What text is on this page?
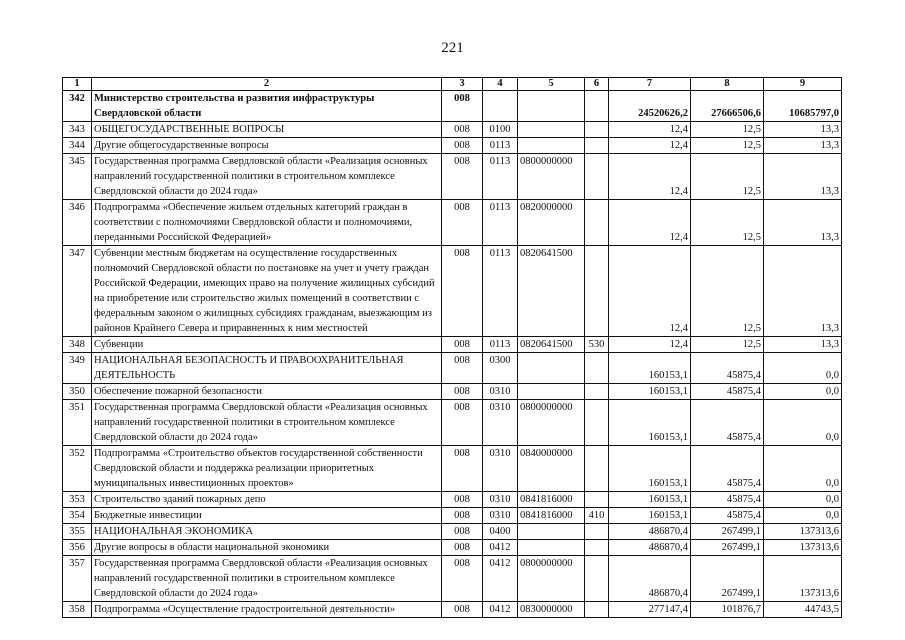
221
1	2	3	4	5	6	7	8	9
342	Министерство строительства и развития инфраструктуры Свердловской области	008				24520626,2	27666506,6	10685797,0
343	ОБЩЕГОСУДАРСТВЕННЫЕ ВОПРОСЫ	008	0100			12,4	12,5	13,3
344	Другие общегосударственные вопросы	008	0113			12,4	12,5	13,3
345	Государственная программа Свердловской области «Реализация основных направлений государственной политики в строительном комплексе Свердловской области до 2024 года»	008	0113	0800000000		12,4	12,5	13,3
346	Подпрограмма «Обеспечение жильем отдельных категорий граждан в соответствии с полномочиями Свердловской области и полномочиями, переданными Российской Федерацией»	008	0113	0820000000		12,4	12,5	13,3
347	Субвенции местным бюджетам на осуществление государственных полномочий Свердловской области по постановке на учет и учету граждан Российской Федерации, имеющих право на получение жилищных субсидий на приобретение или строительство жилых помещений в соответствии с федеральным законом о жилищных субсидиях гражданам, выезжающим из районов Крайнего Севера и приравненных к ним местностей	008	0113	0820641500		12,4	12,5	13,3
348	Субвенции	008	0113	0820641500	530	12,4	12,5	13,3
349	НАЦИОНАЛЬНАЯ БЕЗОПАСНОСТЬ И ПРАВООХРАНИТЕЛЬНАЯ ДЕЯТЕЛЬНОСТЬ	008	0300			160153,1	45875,4	0,0
350	Обеспечение пожарной безопасности	008	0310			160153,1	45875,4	0,0
351	Государственная программа Свердловской области «Реализация основных направлений государственной политики в строительном комплексе Свердловской области до 2024 года»	008	0310	0800000000		160153,1	45875,4	0,0
352	Подпрограмма «Строительство объектов государственной собственности Свердловской области и поддержка реализации приоритетных муниципальных инвестиционных проектов»	008	0310	0840000000		160153,1	45875,4	0,0
353	Строительство зданий пожарных депо	008	0310	0841816000		160153,1	45875,4	0,0
354	Бюджетные инвестиции	008	0310	0841816000	410	160153,1	45875,4	0,0
355	НАЦИОНАЛЬНАЯ ЭКОНОМИКА	008	0400			486870,4	267499,1	137313,6
356	Другие вопросы в области национальной экономики	008	0412			486870,4	267499,1	137313,6
357	Государственная программа Свердловской области «Реализация основных направлений государственной политики в строительном комплексе Свердловской области до 2024 года»	008	0412	0800000000		486870,4	267499,1	137313,6
358	Подпрограмма «Осуществление градостроительной деятельности»	008	0412	0830000000		277147,4	101876,7	44743,5
